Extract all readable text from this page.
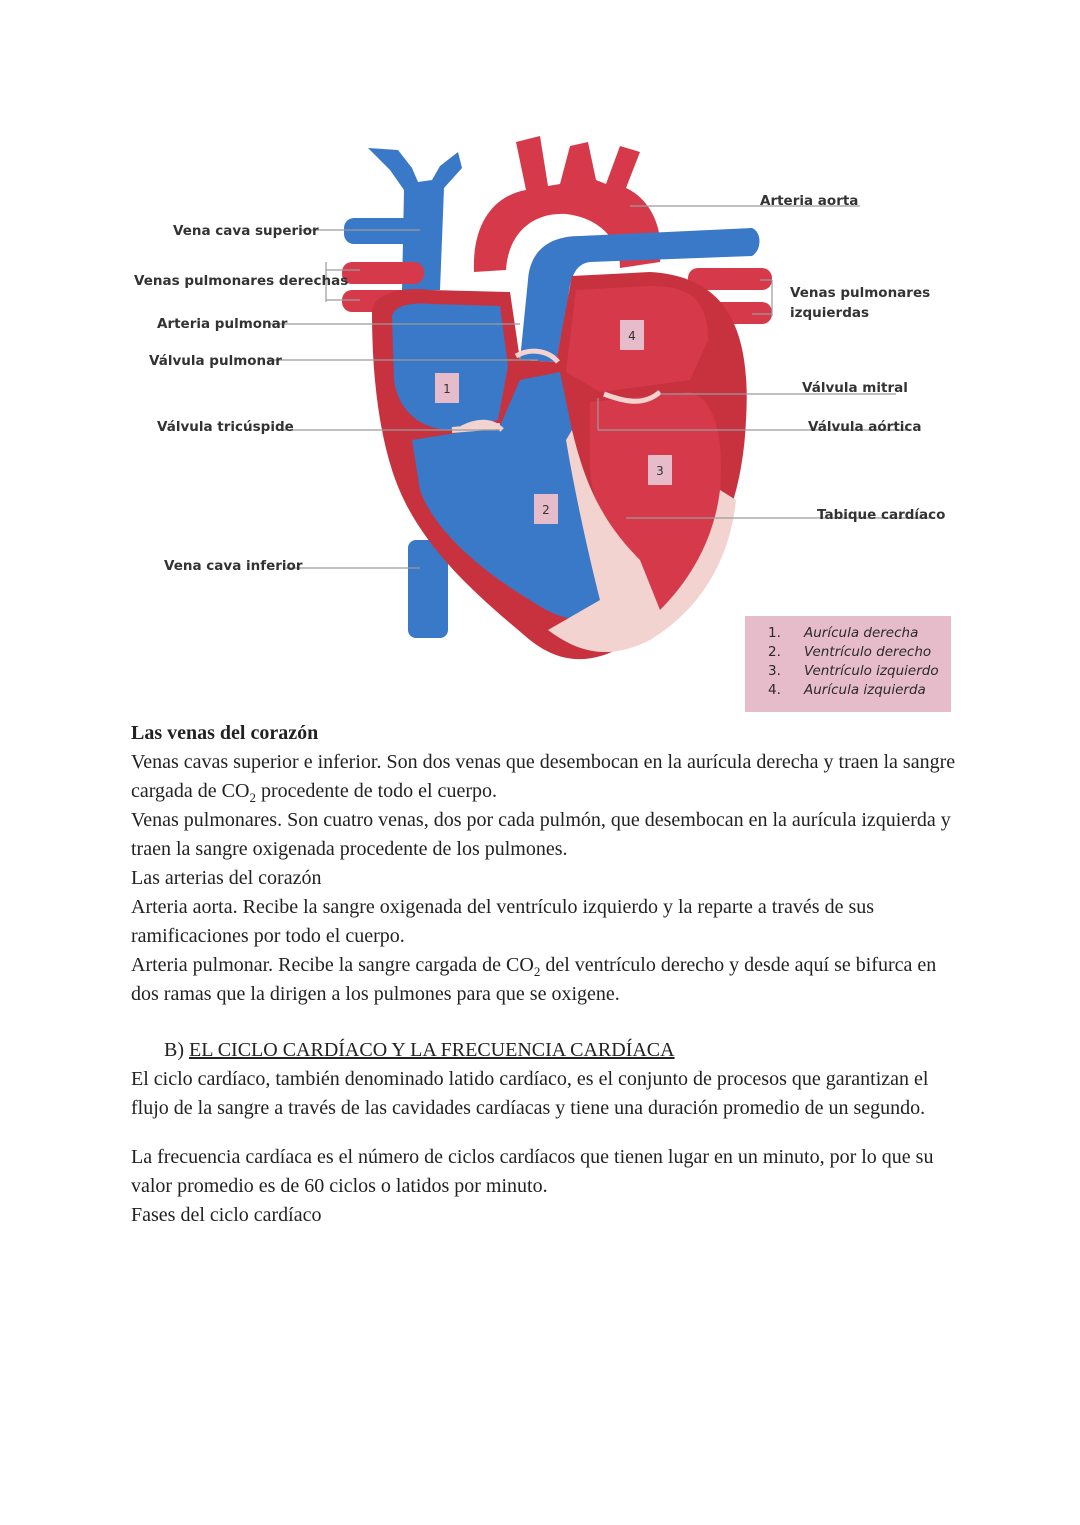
1
2
3
4
Vena cava superior
Venas pulmonares derechas
Arteria pulmonar
Válvula pulmonar
Válvula tricúspide
Vena cava inferior
Arteria aorta
Venas pulmonares
izquierdas
Válvula mitral
Válvula aórtica
Tabique cardíaco
1. Aurícula derecha
2. Ventrículo derecho
3. Ventrículo izquierdo
4. Aurícula izquierda

Las venas del corazón

Venas cavas superior e inferior. Son dos venas que desembocan en la aurícula derecha y traen la sangre cargada de $CO_2$ procedente de todo el cuerpo.

Venas pulmonares. Son cuatro venas, dos por cada pulmón, que desembocan en la aurícula izquierda y traen la sangre oxigenada procedente de los pulmones.

Las arterias del corazón

Arteria aorta. Recibe la sangre oxigenada del ventrículo izquierdo y la reparte a través de sus ramificaciones por todo el cuerpo.

Arteria pulmonar. Recibe la sangre cargada de $CO_2$ del ventrículo derecho y desde aquí se bifurca en dos ramas que la dirigen a los pulmones para que se oxigene.

B) EL CICLO CARDÍACO Y LA FRECUENCIA CARDÍACA

El ciclo cardíaco, también denominado latido cardíaco, es el conjunto de procesos que garantizan el flujo de la sangre a través de las cavidades cardíacas y tiene una duración promedio de un segundo.

La frecuencia cardíaca es el número de ciclos cardíacos que tienen lugar en un minuto, por lo que su valor promedio es de 60 ciclos o latidos por minuto.

Fases del ciclo cardíaco
